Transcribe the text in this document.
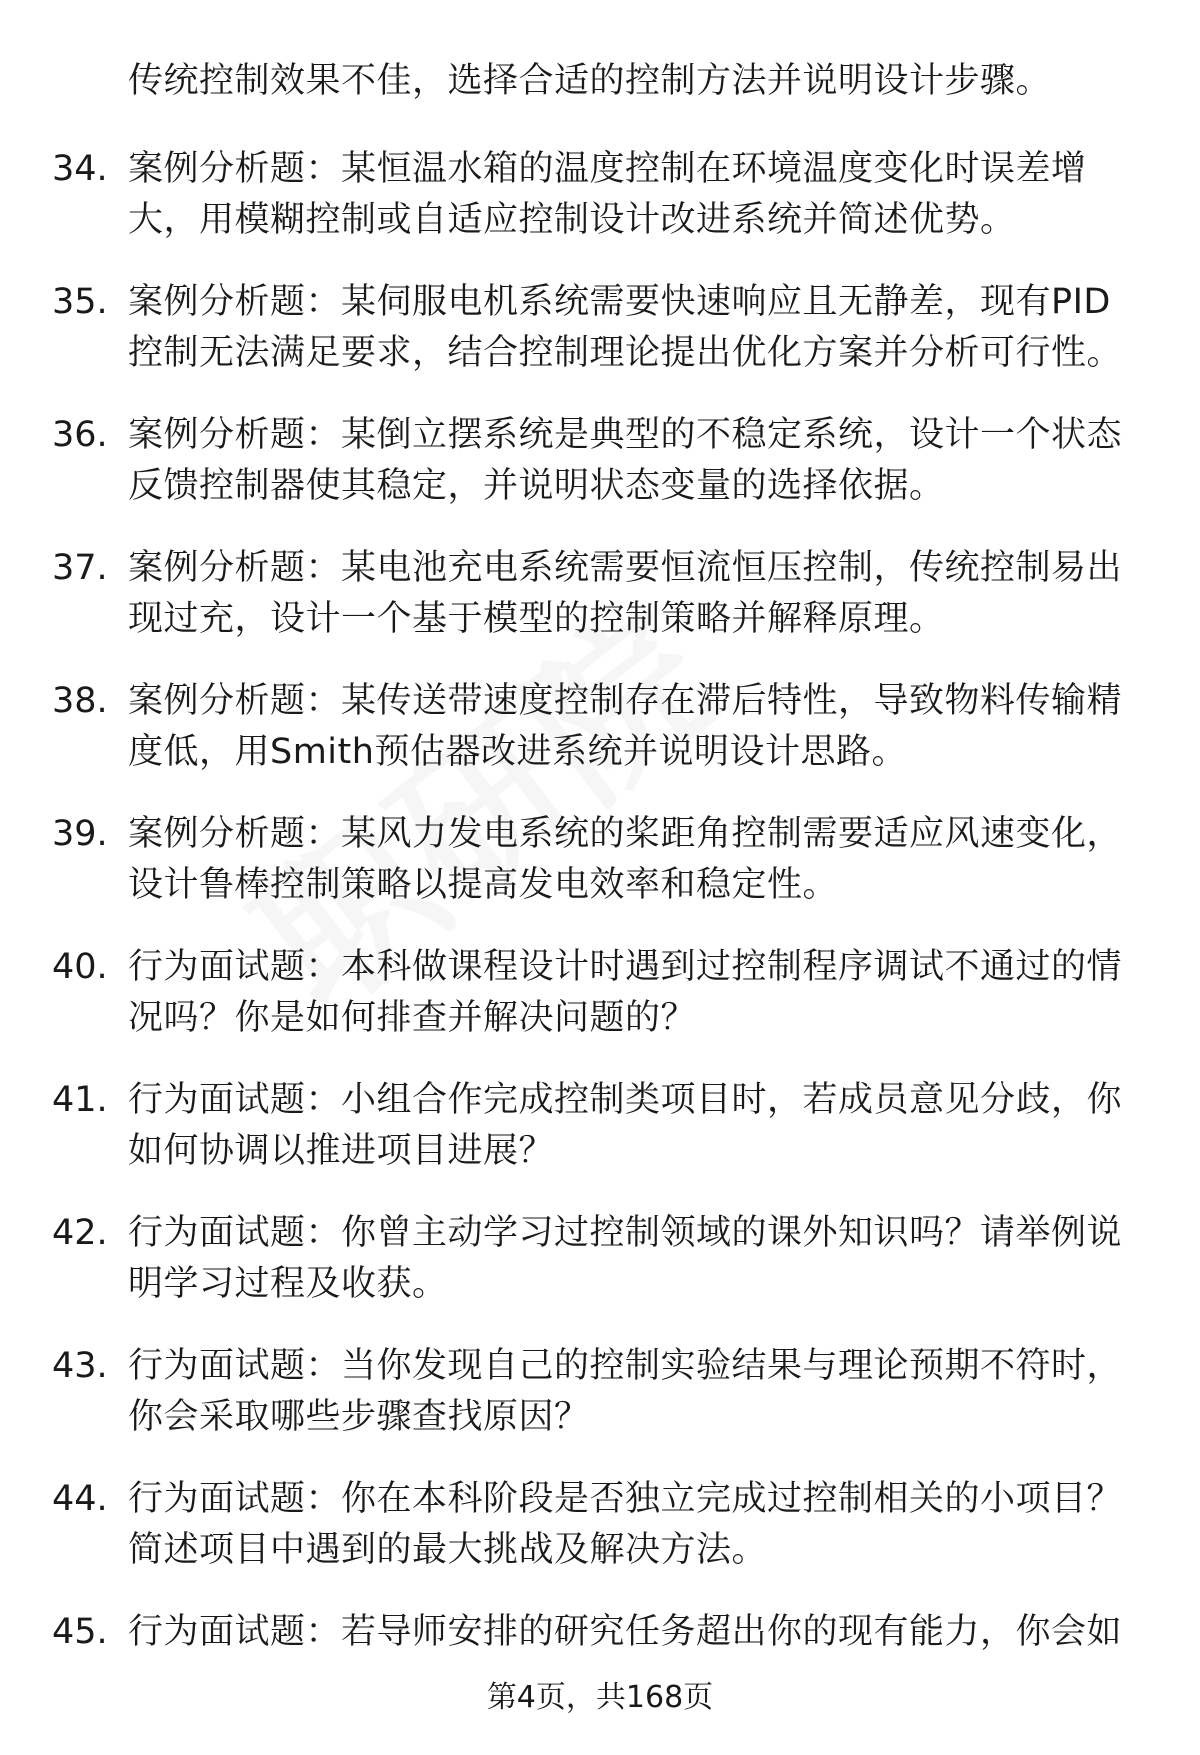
传统控制效果不佳，选择合适的控制方法并说明设计步骤。
34. 案例分析题：某恒温水箱的温度控制在环境温度变化时误差增大，用模糊控制或自适应控制设计改进系统并简述优势。
35. 案例分析题：某伺服电机系统需要快速响应且无静差，现有PID控制无法满足要求，结合控制理论提出优化方案并分析可行性。
36. 案例分析题：某倒立摆系统是典型的不稳定系统，设计一个状态反馈控制器使其稳定，并说明状态变量的选择依据。
37. 案例分析题：某电池充电系统需要恒流恒压控制，传统控制易出现过充，设计一个基于模型的控制策略并解释原理。
38. 案例分析题：某传送带速度控制存在滞后特性，导致物料传输精度低，用Smith预估器改进系统并说明设计思路。
39. 案例分析题：某风力发电系统的桨距角控制需要适应风速变化，设计鲁棒控制策略以提高发电效率和稳定性。
40. 行为面试题：本科做课程设计时遇到过控制程序调试不通过的情况吗？你是如何排查并解决问题的？
41. 行为面试题：小组合作完成控制类项目时，若成员意见分歧，你如何协调以推进项目进展？
42. 行为面试题：你曾主动学习过控制领域的课外知识吗？请举例说明学习过程及收获。
43. 行为面试题：当你发现自己的控制实验结果与理论预期不符时，你会采取哪些步骤查找原因？
44. 行为面试题：你在本科阶段是否独立完成过控制相关的小项目？简述项目中遇到的最大挑战及解决方法。
45. 行为面试题：若导师安排的研究任务超出你的现有能力，你会如
第4页，共168页
